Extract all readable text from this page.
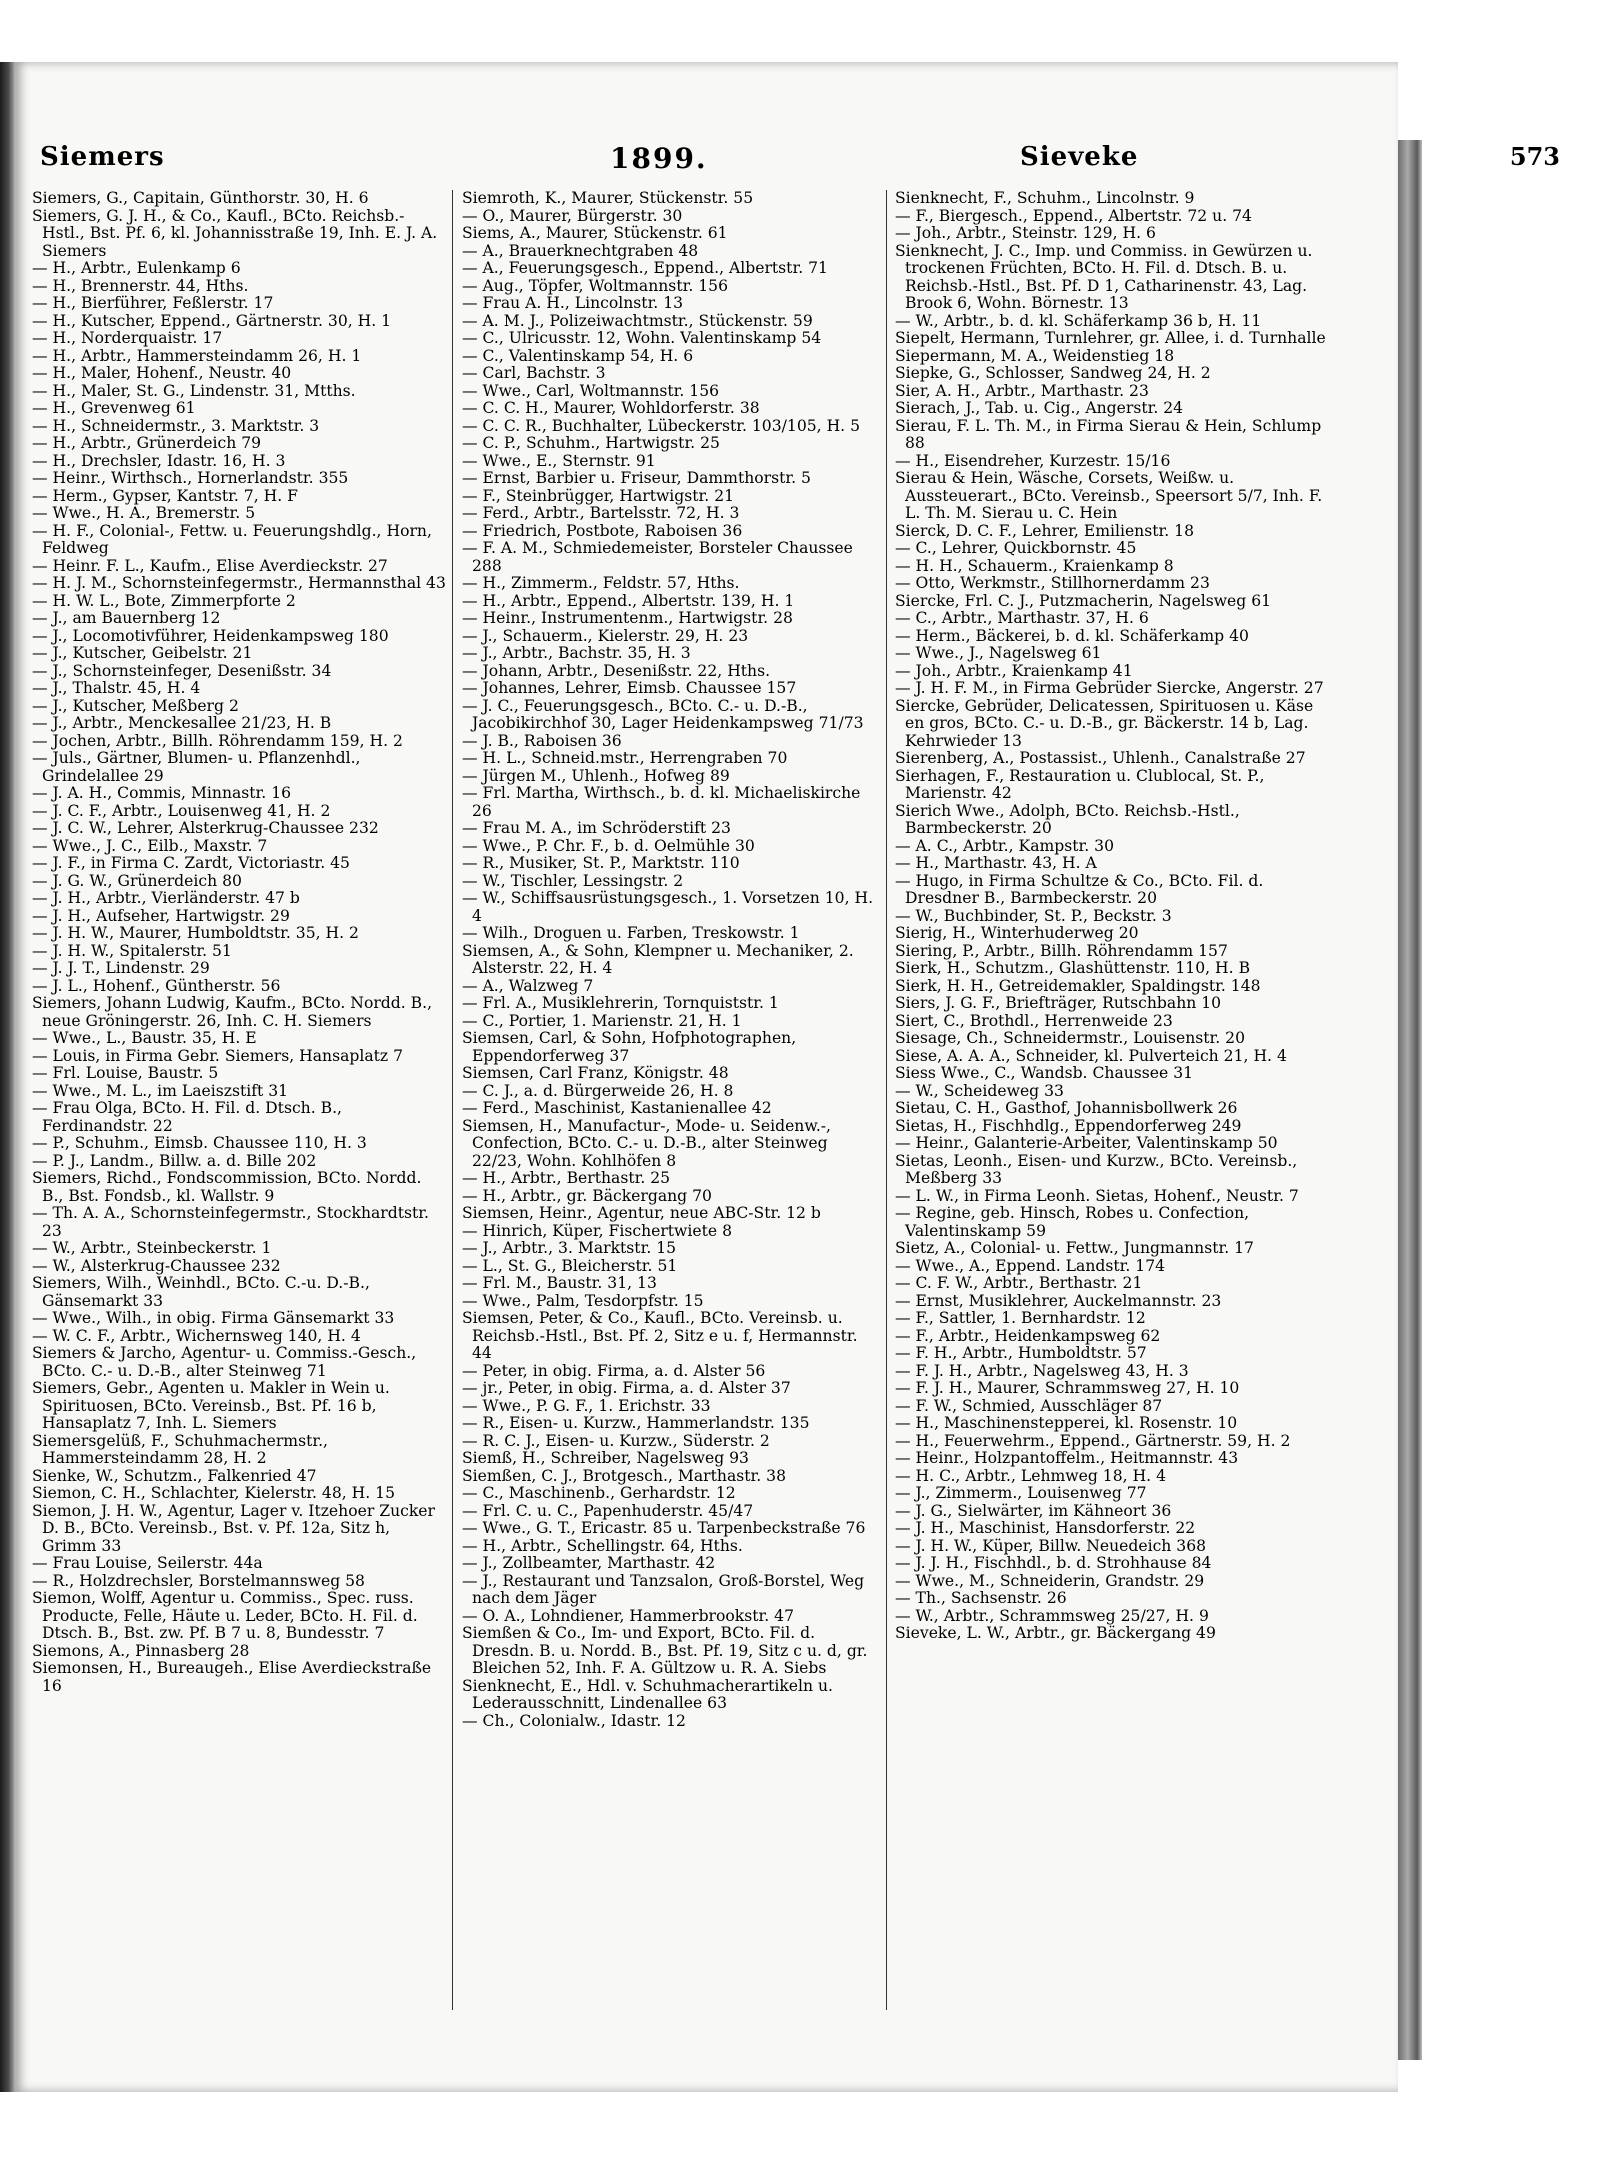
Siemers	1899.	Sieveke	573

Siemers, G., Capitain, Günthorstr. 30, H. 6

Siemers, G. J. H., & Co., Kaufl., BCto. Reichsb.-Hstl., Bst. Pf. 6, kl. Johannisstraße 19, Inh. E. J. A. Siemers

— H., Arbtr., Eulenkamp 6

— H., Brennerstr. 44, Hths.

— H., Bierführer, Feßlerstr. 17

— H., Kutscher, Eppend., Gärtnerstr. 30, H. 1

— H., Norderquaistr. 17

— H., Arbtr., Hammersteindamm 26, H. 1

— H., Maler, Hohenf., Neustr. 40

— H., Maler, St. G., Lindenstr. 31, Mtths.

— H., Grevenweg 61

— H., Schneidermstr., 3. Marktstr. 3

— H., Arbtr., Grünerdeich 79

— H., Drechsler, Idastr. 16, H. 3

— Heinr., Wirthsch., Hornerlandstr. 355

— Herm., Gypser, Kantstr. 7, H. F

— Wwe., H. A., Bremerstr. 5

— H. F., Colonial-, Fettw. u. Feuerungshdlg., Horn, Feldweg

— Heinr. F. L., Kaufm., Elise Averdieckstr. 27

— H. J. M., Schornsteinfegermstr., Hermannsthal 43

— H. W. L., Bote, Zimmerpforte 2

— J., am Bauernberg 12

— J., Locomotivführer, Heidenkampsweg 180

— J., Kutscher, Geibelstr. 21

— J., Schornsteinfeger, Desenißstr. 34

— J., Thalstr. 45, H. 4

— J., Kutscher, Meßberg 2

— J., Arbtr., Menckesallee 21/23, H. B

— Jochen, Arbtr., Billh. Röhrendamm 159, H. 2

— Juls., Gärtner, Blumen- u. Pflanzenhdl., Grindelallee 29

— J. A. H., Commis, Minnastr. 16

— J. C. F., Arbtr., Louisenweg 41, H. 2

— J. C. W., Lehrer, Alsterkrug-Chaussee 232

— Wwe., J. C., Eilb., Maxstr. 7

— J. F., in Firma C. Zardt, Victoriastr. 45

— J. G. W., Grünerdeich 80

— J. H., Arbtr., Vierländerstr. 47 b

— J. H., Aufseher, Hartwigstr. 29

— J. H. W., Maurer, Humboldtstr. 35, H. 2

— J. H. W., Spitalerstr. 51

— J. J. T., Lindenstr. 29

— J. L., Hohenf., Güntherstr. 56

Siemers, Johann Ludwig, Kaufm., BCto. Nordd. B., neue Gröningerstr. 26, Inh. C. H. Siemers

— Wwe., L., Baustr. 35, H. E

— Louis, in Firma Gebr. Siemers, Hansaplatz 7

— Frl. Louise, Baustr. 5

— Wwe., M. L., im Laeiszstift 31

— Frau Olga, BCto. H. Fil. d. Dtsch. B., Ferdinandstr. 22

— P., Schuhm., Eimsb. Chaussee 110, H. 3

— P. J., Landm., Billw. a. d. Bille 202

Siemers, Richd., Fondscommission, BCto. Nordd. B., Bst. Fondsb., kl. Wallstr. 9

— Th. A. A., Schornsteinfegermstr., Stockhardtstr. 23

— W., Arbtr., Steinbeckerstr. 1

— W., Alsterkrug-Chaussee 232

Siemers, Wilh., Weinhdl., BCto. C.-u. D.-B., Gänsemarkt 33

— Wwe., Wilh., in obig. Firma Gänsemarkt 33

— W. C. F., Arbtr., Wichernsweg 140, H. 4

Siemers & Jarcho, Agentur- u. Commiss.-Gesch., BCto. C.- u. D.-B., alter Steinweg 71

Siemers, Gebr., Agenten u. Makler in Wein u. Spirituosen, BCto. Vereinsb., Bst. Pf. 16 b, Hansaplatz 7, Inh. L. Siemers

Siemersgelüß, F., Schuhmachermstr., Hammersteindamm 28, H. 2

Sienke, W., Schutzm., Falkenried 47

Siemon, C. H., Schlachter, Kielerstr. 48, H. 15

Siemon, J. H. W., Agentur, Lager v. Itzehoer Zucker D. B., BCto. Vereinsb., Bst. v. Pf. 12a, Sitz h, Grimm 33

— Frau Louise, Seilerstr. 44a

— R., Holzdrechsler, Borstelmannsweg 58

Siemon, Wolff, Agentur u. Commiss., Spec. russ. Producte, Felle, Häute u. Leder, BCto. H. Fil. d. Dtsch. B., Bst. zw. Pf. B 7 u. 8, Bundesstr. 7

Siemons, A., Pinnasberg 28

Siemonsen, H., Bureaugeh., Elise Averdieckstraße 16

Siemroth, K., Maurer, Stückenstr. 55

— O., Maurer, Bürgerstr. 30

Siems, A., Maurer, Stückenstr. 61

— A., Brauerknechtgraben 48

— A., Feuerungsgesch., Eppend., Albertstr. 71

— Aug., Töpfer, Woltmannstr. 156

— Frau A. H., Lincolnstr. 13

— A. M. J., Polizeiwachtmstr., Stückenstr. 59

— C., Ulricusstr. 12, Wohn. Valentinskamp 54

— C., Valentinskamp 54, H. 6

— Carl, Bachstr. 3

— Wwe., Carl, Woltmannstr. 156

— C. C. H., Maurer, Wohldorferstr. 38

— C. C. R., Buchhalter, Lübeckerstr. 103/105, H. 5

— C. P., Schuhm., Hartwigstr. 25

— Wwe., E., Sternstr. 91

— Ernst, Barbier u. Friseur, Dammthorstr. 5

— F., Steinbrügger, Hartwigstr. 21

— Ferd., Arbtr., Bartelsstr. 72, H. 3

— Friedrich, Postbote, Raboisen 36

— F. A. M., Schmiedemeister, Borsteler Chaussee 288

— H., Zimmerm., Feldstr. 57, Hths.

— H., Arbtr., Eppend., Albertstr. 139, H. 1

— Heinr., Instrumentenm., Hartwigstr. 28

— J., Schauerm., Kielerstr. 29, H. 23

— J., Arbtr., Bachstr. 35, H. 3

— Johann, Arbtr., Desenißstr. 22, Hths.

— Johannes, Lehrer, Eimsb. Chaussee 157

— J. C., Feuerungsgesch., BCto. C.- u. D.-B., Jacobikirchhof 30, Lager Heidenkampsweg 71/73

— J. B., Raboisen 36

— H. L., Schneid.mstr., Herrengraben 70

— Jürgen M., Uhlenh., Hofweg 89

— Frl. Martha, Wirthsch., b. d. kl. Michaeliskirche 26

— Frau M. A., im Schröderstift 23

— Wwe., P. Chr. F., b. d. Oelmühle 30

— R., Musiker, St. P., Marktstr. 110

— W., Tischler, Lessingstr. 2

— W., Schiffsausrüstungsgesch., 1. Vorsetzen 10, H. 4

— Wilh., Droguen u. Farben, Treskowstr. 1

Siemsen, A., & Sohn, Klempner u. Mechaniker, 2. Alsterstr. 22, H. 4

— A., Walzweg 7

— Frl. A., Musiklehrerin, Tornquiststr. 1

— C., Portier, 1. Marienstr. 21, H. 1

Siemsen, Carl, & Sohn, Hofphotographen, Eppendorferweg 37

Siemsen, Carl Franz, Königstr. 48

— C. J., a. d. Bürgerweide 26, H. 8

— Ferd., Maschinist, Kastanienallee 42

Siemsen, H., Manufactur-, Mode- u. Seidenw.-, Confection, BCto. C.- u. D.-B., alter Steinweg 22/23, Wohn. Kohlhöfen 8

— H., Arbtr., Berthastr. 25

— H., Arbtr., gr. Bäckergang 70

Siemsen, Heinr., Agentur, neue ABC-Str. 12 b

— Hinrich, Küper, Fischertwiete 8

— J., Arbtr., 3. Marktstr. 15

— L., St. G., Bleicherstr. 51

— Frl. M., Baustr. 31, 13

— Wwe., Palm, Tesdorpfstr. 15

Siemsen, Peter, & Co., Kaufl., BCto. Vereinsb. u. Reichsb.-Hstl., Bst. Pf. 2, Sitz e u. f, Hermannstr. 44

— Peter, in obig. Firma, a. d. Alster 56

— jr., Peter, in obig. Firma, a. d. Alster 37

— Wwe., P. G. F., 1. Erichstr. 33

— R., Eisen- u. Kurzw., Hammerlandstr. 135

— R. C. J., Eisen- u. Kurzw., Süderstr. 2

Siemß, H., Schreiber, Nagelsweg 93

Siemßen, C. J., Brotgesch., Marthastr. 38

— C., Maschinenb., Gerhardstr. 12

— Frl. C. u. C., Papenhuderstr. 45/47

— Wwe., G. T., Ericastr. 85 u. Tarpenbeckstraße 76

— H., Arbtr., Schellingstr. 64, Hths.

— J., Zollbeamter, Marthastr. 42

— J., Restaurant und Tanzsalon, Groß-Borstel, Weg nach dem Jäger

— O. A., Lohndiener, Hammerbrookstr. 47

Siemßen & Co., Im- und Export, BCto. Fil. d. Dresdn. B. u. Nordd. B., Bst. Pf. 19, Sitz c u. d, gr. Bleichen 52, Inh. F. A. Gültzow u. R. A. Siebs

Sienknecht, E., Hdl. v. Schuhmacherartikeln u. Lederausschnitt, Lindenallee 63

— Ch., Colonialw., Idastr. 12

Sienknecht, F., Schuhm., Lincolnstr. 9

— F., Biergesch., Eppend., Albertstr. 72 u. 74

— Joh., Arbtr., Steinstr. 129, H. 6

Sienknecht, J. C., Imp. und Commiss. in Gewürzen u. trockenen Früchten, BCto. H. Fil. d. Dtsch. B. u. Reichsb.-Hstl., Bst. Pf. D 1, Catharinenstr. 43, Lag. Brook 6, Wohn. Börnestr. 13

— W., Arbtr., b. d. kl. Schäferkamp 36 b, H. 11

Siepelt, Hermann, Turnlehrer, gr. Allee, i. d. Turnhalle

Siepermann, M. A., Weidenstieg 18

Siepke, G., Schlosser, Sandweg 24, H. 2

Sier, A. H., Arbtr., Marthastr. 23

Sierach, J., Tab. u. Cig., Angerstr. 24

Sierau, F. L. Th. M., in Firma Sierau & Hein, Schlump 88

— H., Eisendreher, Kurzestr. 15/16

Sierau & Hein, Wäsche, Corsets, Weißw. u. Aussteuerart., BCto. Vereinsb., Speersort 5/7, Inh. F. L. Th. M. Sierau u. C. Hein

Sierck, D. C. F., Lehrer, Emilienstr. 18

— C., Lehrer, Quickbornstr. 45

— H. H., Schauerm., Kraienkamp 8

— Otto, Werkmstr., Stillhornerdamm 23

Siercke, Frl. C. J., Putzmacherin, Nagelsweg 61

— C., Arbtr., Marthastr. 37, H. 6

— Herm., Bäckerei, b. d. kl. Schäferkamp 40

— Wwe., J., Nagelsweg 61

— Joh., Arbtr., Kraienkamp 41

— J. H. F. M., in Firma Gebrüder Siercke, Angerstr. 27

Siercke, Gebrüder, Delicatessen, Spirituosen u. Käse en gros, BCto. C.- u. D.-B., gr. Bäckerstr. 14 b, Lag. Kehrwieder 13

Sierenberg, A., Postassist., Uhlenh., Canalstraße 27

Sierhagen, F., Restauration u. Clublocal, St. P., Marienstr. 42

Sierich Wwe., Adolph, BCto. Reichsb.-Hstl., Barmbeckerstr. 20

— A. C., Arbtr., Kampstr. 30

— H., Marthastr. 43, H. A

— Hugo, in Firma Schultze & Co., BCto. Fil. d. Dresdner B., Barmbeckerstr. 20

— W., Buchbinder, St. P., Beckstr. 3

Sierig, H., Winterhuderweg 20

Siering, P., Arbtr., Billh. Röhrendamm 157

Sierk, H., Schutzm., Glashüttenstr. 110, H. B

Sierk, H. H., Getreidemakler, Spaldingstr. 148

Siers, J. G. F., Briefträger, Rutschbahn 10

Siert, C., Brothdl., Herrenweide 23

Siesage, Ch., Schneidermstr., Louisenstr. 20

Siese, A. A. A., Schneider, kl. Pulverteich 21, H. 4

Siess Wwe., C., Wandsb. Chaussee 31

— W., Scheideweg 33

Sietau, C. H., Gasthof, Johannisbollwerk 26

Sietas, H., Fischhdlg., Eppendorferweg 249

— Heinr., Galanterie-Arbeiter, Valentinskamp 50

Sietas, Leonh., Eisen- und Kurzw., BCto. Vereinsb., Meßberg 33

— L. W., in Firma Leonh. Sietas, Hohenf., Neustr. 7

— Regine, geb. Hinsch, Robes u. Confection, Valentinskamp 59

Sietz, A., Colonial- u. Fettw., Jungmannstr. 17

— Wwe., A., Eppend. Landstr. 174

— C. F. W., Arbtr., Berthastr. 21

— Ernst, Musiklehrer, Auckelmannstr. 23

— F., Sattler, 1. Bernhardstr. 12

— F., Arbtr., Heidenkampsweg 62

— F. H., Arbtr., Humboldtstr. 57

— F. J. H., Arbtr., Nagelsweg 43, H. 3

— F. J. H., Maurer, Schrammsweg 27, H. 10

— F. W., Schmied, Ausschläger 87

— H., Maschinenstepperei, kl. Rosenstr. 10

— H., Feuerwehrm., Eppend., Gärtnerstr. 59, H. 2

— Heinr., Holzpantoffelm., Heitmannstr. 43

— H. C., Arbtr., Lehmweg 18, H. 4

— J., Zimmerm., Louisenweg 77

— J. G., Sielwärter, im Kähneort 36

— J. H., Maschinist, Hansdorferstr. 22

— J. H. W., Küper, Billw. Neuedeich 368

— J. J. H., Fischhdl., b. d. Strohhause 84

— Wwe., M., Schneiderin, Grandstr. 29

— Th., Sachsenstr. 26

— W., Arbtr., Schrammsweg 25/27, H. 9

Sieveke, L. W., Arbtr., gr. Bäckergang 49
